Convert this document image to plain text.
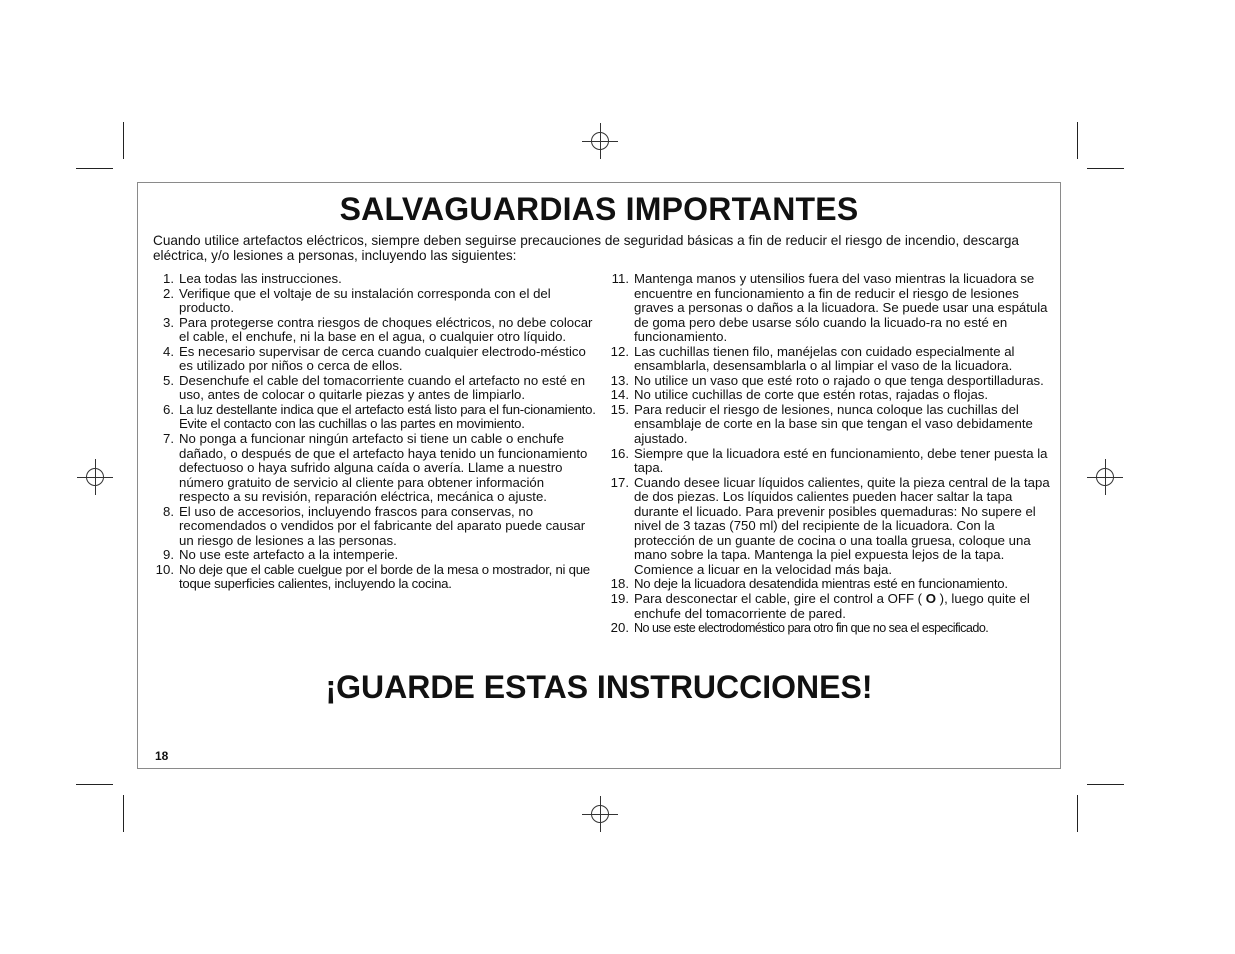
SALVAGUARDIAS IMPORTANTES
Cuando utilice artefactos eléctricos, siempre deben seguirse precauciones de seguridad básicas a fin de reducir el riesgo de incendio, descarga eléctrica, y/o lesiones a personas, incluyendo las siguientes:
1. Lea todas las instrucciones.
2. Verifique que el voltaje de su instalación corresponda con el del producto.
3. Para protegerse contra riesgos de choques eléctricos, no debe colocar el cable, el enchufe, ni la base en el agua, o cualquier otro líquido.
4. Es necesario supervisar de cerca cuando cualquier electrodo-méstico es utilizado por niños o cerca de ellos.
5. Desenchufe el cable del tomacorriente cuando el artefacto no esté en uso, antes de colocar o quitarle piezas y antes de limpiarlo.
6. La luz destellante indica que el artefacto está listo para el fun-cionamiento. Evite el contacto con las cuchillas o las partes en movimiento.
7. No ponga a funcionar ningún artefacto si tiene un cable o enchufe dañado, o después de que el artefacto haya tenido un funcionamiento defectuoso o haya sufrido alguna caída o avería. Llame a nuestro número gratuito de servicio al cliente para obtener información respecto a su revisión, reparación eléctrica, mecánica o ajuste.
8. El uso de accesorios, incluyendo frascos para conservas, no recomendados o vendidos por el fabricante del aparato puede causar un riesgo de lesiones a las personas.
9. No use este artefacto a la intemperie.
10. No deje que el cable cuelgue por el borde de la mesa o mostrador, ni que toque superficies calientes, incluyendo la cocina.
11. Mantenga manos y utensilios fuera del vaso mientras la licuadora se encuentre en funcionamiento a fin de reducir el riesgo de lesiones graves a personas o daños a la licuadora. Se puede usar una espátula de goma pero debe usarse sólo cuando la licuado-ra no esté en funcionamiento.
12. Las cuchillas tienen filo, manéjelas con cuidado especialmente al ensamblarla, desensamblarla o al limpiar el vaso de la licuadora.
13. No utilice un vaso que esté roto o rajado o que tenga desportilladuras.
14. No utilice cuchillas de corte que estén rotas, rajadas o flojas.
15. Para reducir el riesgo de lesiones, nunca coloque las cuchillas del ensamblaje de corte en la base sin que tengan el vaso debidamente ajustado.
16. Siempre que la licuadora esté en funcionamiento, debe tener puesta la tapa.
17. Cuando desee licuar líquidos calientes, quite la pieza central de la tapa de dos piezas. Los líquidos calientes pueden hacer saltar la tapa durante el licuado. Para prevenir posibles quemaduras: No supere el nivel de 3 tazas (750 ml) del recipiente de la licuadora. Con la protección de un guante de cocina o una toalla gruesa, coloque una mano sobre la tapa. Mantenga la piel expuesta lejos de la tapa. Comience a licuar en la velocidad más baja.
18. No deje la licuadora desatendida mientras esté en funcionamiento.
19. Para desconectar el cable, gire el control a OFF ( O ), luego quite el enchufe del tomacorriente de pared.
20. No use este electrodoméstico para otro fin que no sea el especificado.
¡GUARDE ESTAS INSTRUCCIONES!
18
